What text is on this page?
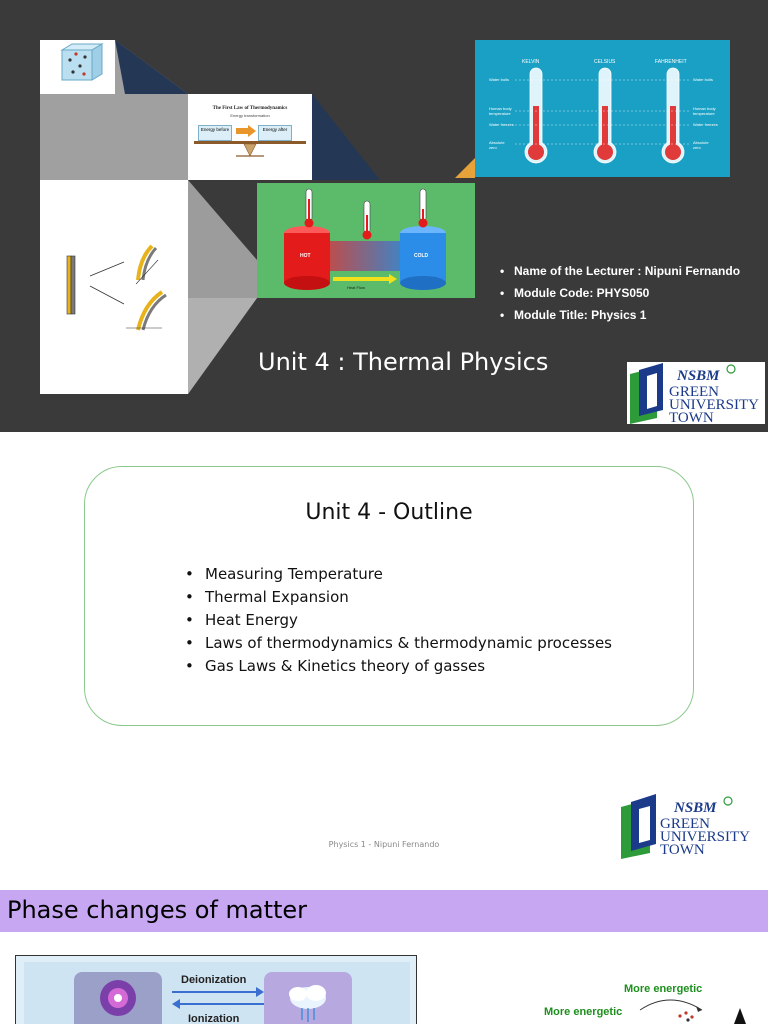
The First Law of Thermodynamics
Energy transformation
Energy before	Energy after
HOT	COLD
Heat Flow
KELVIN	CELSIUS	FAHRENHEIT
Water boils
Human body temperature
Water freezes
Absolute zero
Water boils
Human body temperature
Water freezes
Absolute zero
• Name of the Lecturer : Nipuni Fernando
• Module Code: PHYS050
• Module Title: Physics 1
Unit 4 : Thermal Physics	NSBM
GREEN
UNIVERSITY
TOWN
Unit 4 - Outline
• Measuring Temperature
• Thermal Expansion
• Heat Energy
• Laws of thermodynamics & thermodynamic processes
• Gas Laws & Kinetics theory of gasses
Physics 1 - Nipuni Fernando
NSBM
GREEN
UNIVERSITY
TOWN
Phase changes of matter
Deionization
Ionization
More energetic
More energetic
